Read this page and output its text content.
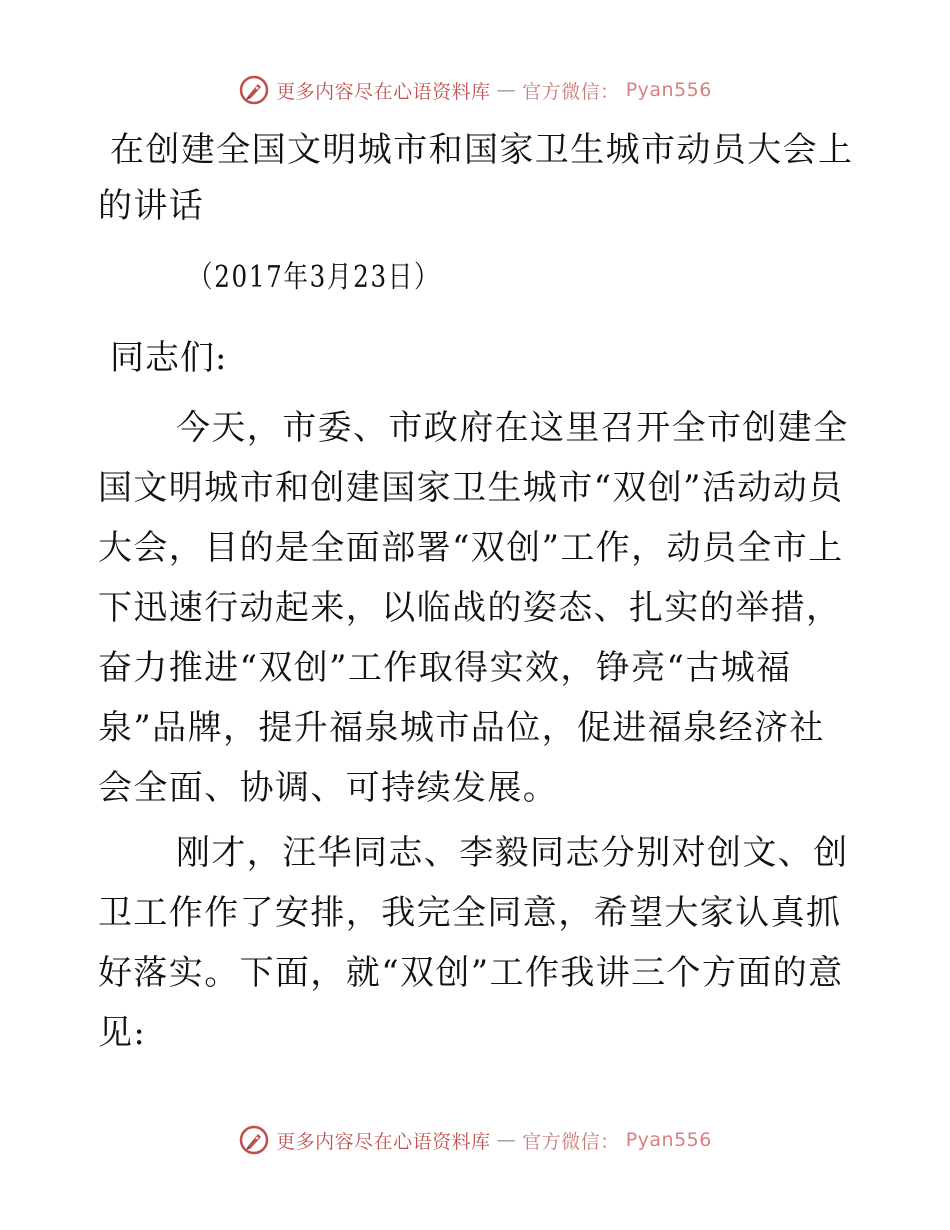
更多内容尽在心语资料库 — 官方微信： Pyan556
在创建全国文明城市和国家卫生城市动员大会上的讲话
（2017年3月23日）
同志们:

今天，市委、市政府在这里召开全市创建全国文明城市和创建国家卫生城市“双创”活动动员大会，目的是全面部署“双创”工作，动员全市上下迅速行动起来，以临战的姿态、扎实的举措，奋力推进“双创”工作取得实效，铮亮“古城福泉”品牌，提升福泉城市品位，促进福泉经济社会全面、协调、可持续发展。

刚才，汪华同志、李毅同志分别对创文、创卫工作作了安排，我完全同意，希望大家认真抓好落实。下面，就“双创”工作我讲三个方面的意见:

更多内容尽在心语资料库 — 官方微信： Pyan556
